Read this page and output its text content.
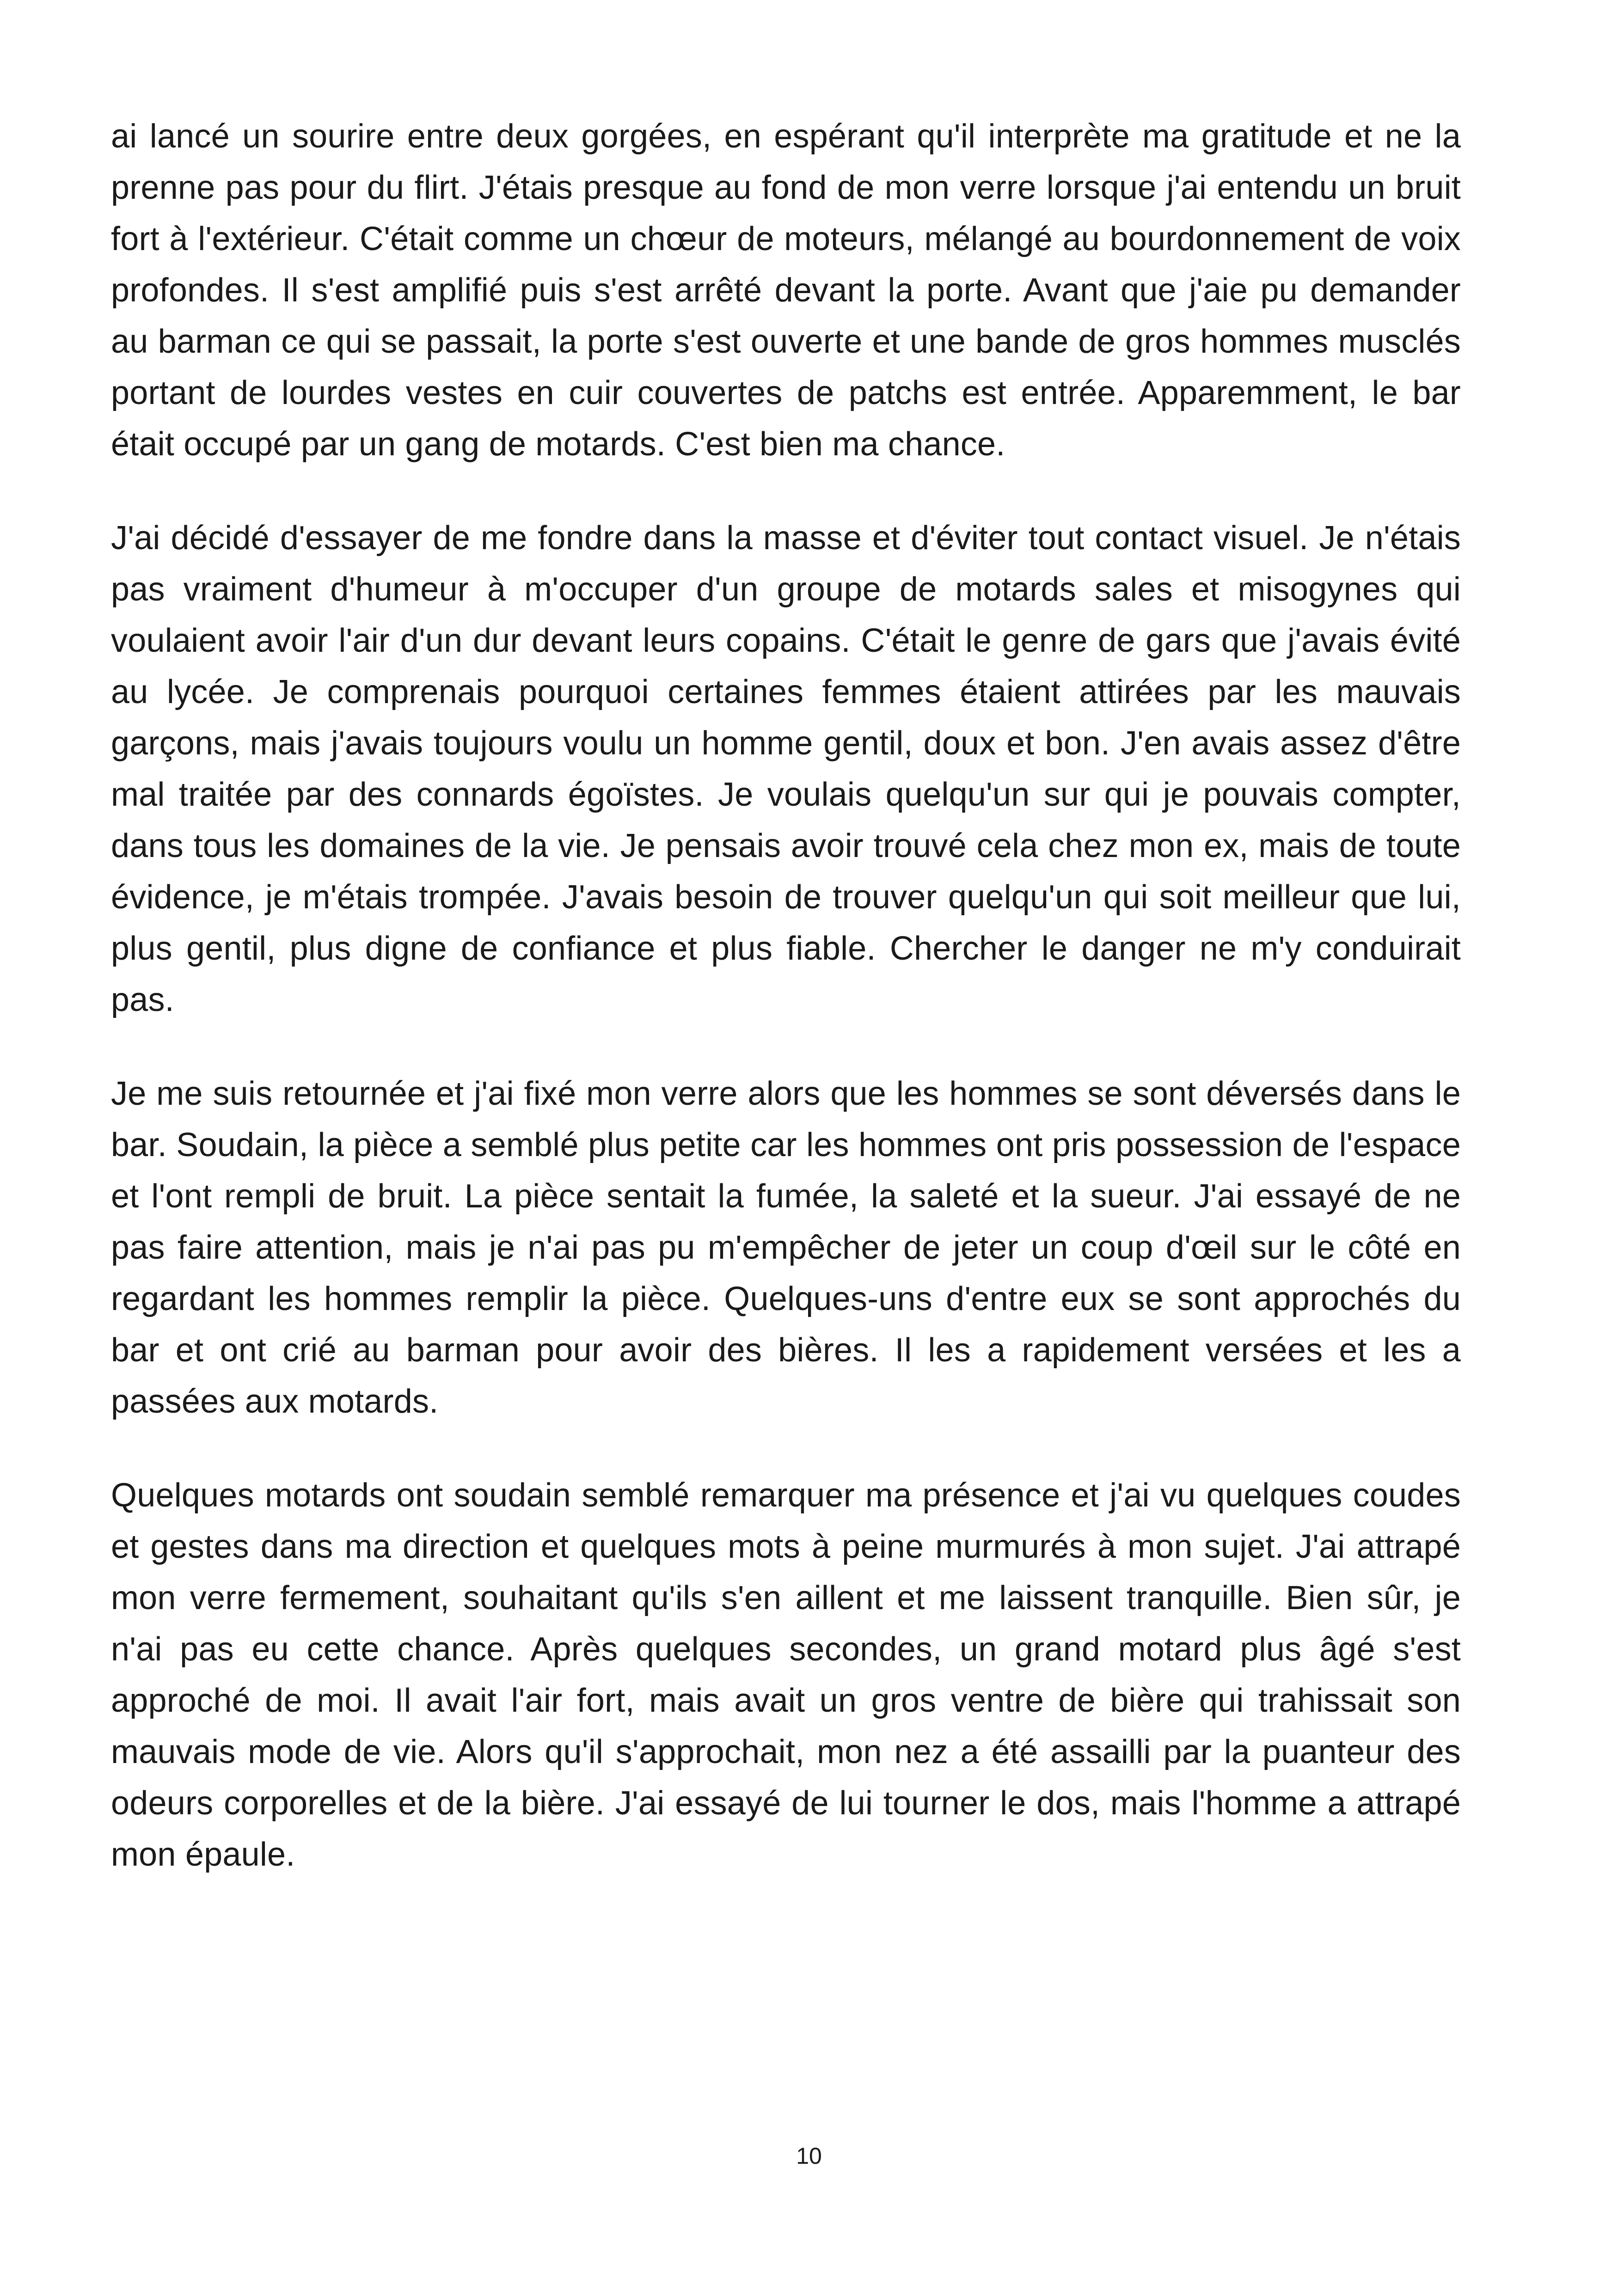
ai lancé un sourire entre deux gorgées, en espérant qu'il interprète ma gratitude et ne la prenne pas pour du flirt. J'étais presque au fond de mon verre lorsque j'ai entendu un bruit fort à l'extérieur. C'était comme un chœur de moteurs, mélangé au bourdonnement de voix profondes. Il s'est amplifié puis s'est arrêté devant la porte. Avant que j'aie pu demander au barman ce qui se passait, la porte s'est ouverte et une bande de gros hommes musclés portant de lourdes vestes en cuir couvertes de patchs est entrée. Apparemment, le bar était occupé par un gang de motards. C'est bien ma chance.

J'ai décidé d'essayer de me fondre dans la masse et d'éviter tout contact visuel. Je n'étais pas vraiment d'humeur à m'occuper d'un groupe de motards sales et misogynes qui voulaient avoir l'air d'un dur devant leurs copains. C'était le genre de gars que j'avais évité au lycée. Je comprenais pourquoi certaines femmes étaient attirées par les mauvais garçons, mais j'avais toujours voulu un homme gentil, doux et bon. J'en avais assez d'être mal traitée par des connards égoïstes. Je voulais quelqu'un sur qui je pouvais compter, dans tous les domaines de la vie. Je pensais avoir trouvé cela chez mon ex, mais de toute évidence, je m'étais trompée. J'avais besoin de trouver quelqu'un qui soit meilleur que lui, plus gentil, plus digne de confiance et plus fiable. Chercher le danger ne m'y conduirait pas.

Je me suis retournée et j'ai fixé mon verre alors que les hommes se sont déversés dans le bar. Soudain, la pièce a semblé plus petite car les hommes ont pris possession de l'espace et l'ont rempli de bruit. La pièce sentait la fumée, la saleté et la sueur. J'ai essayé de ne pas faire attention, mais je n'ai pas pu m'empêcher de jeter un coup d'œil sur le côté en regardant les hommes remplir la pièce. Quelques-uns d'entre eux se sont approchés du bar et ont crié au barman pour avoir des bières. Il les a rapidement versées et les a passées aux motards.

Quelques motards ont soudain semblé remarquer ma présence et j'ai vu quelques coudes et gestes dans ma direction et quelques mots à peine murmurés à mon sujet. J'ai attrapé mon verre fermement, souhaitant qu'ils s'en aillent et me laissent tranquille. Bien sûr, je n'ai pas eu cette chance. Après quelques secondes, un grand motard plus âgé s'est approché de moi. Il avait l'air fort, mais avait un gros ventre de bière qui trahissait son mauvais mode de vie. Alors qu'il s'approchait, mon nez a été assailli par la puanteur des odeurs corporelles et de la bière. J'ai essayé de lui tourner le dos, mais l'homme a attrapé mon épaule.

10
